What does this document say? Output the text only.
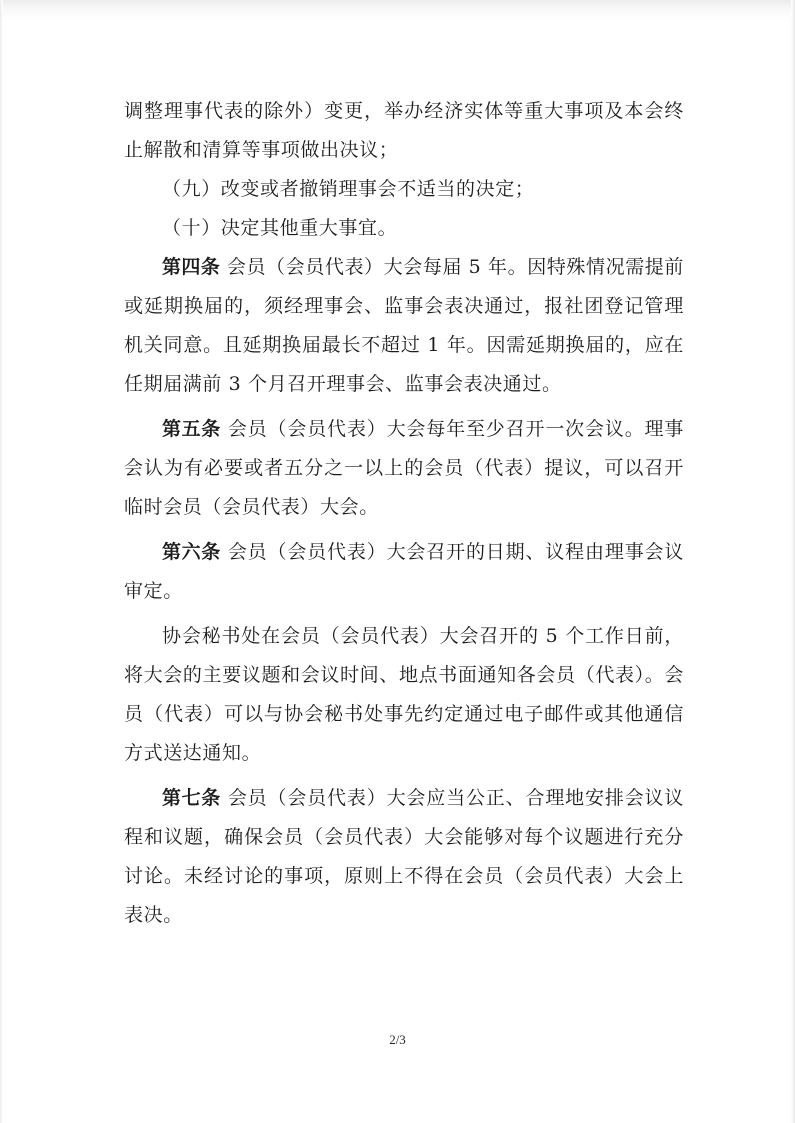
调整理事代表的除外）变更，举办经济实体等重大事项及本会终止解散和清算等事项做出决议；

（九）改变或者撤销理事会不适当的决定；

（十）决定其他重大事宜。

第四条 会员（会员代表）大会每届 5 年。因特殊情况需提前或延期换届的，须经理事会、监事会表决通过，报社团登记管理机关同意。且延期换届最长不超过 1 年。因需延期换届的，应在任期届满前 3 个月召开理事会、监事会表决通过。

第五条 会员（会员代表）大会每年至少召开一次会议。理事会认为有必要或者五分之一以上的会员（代表）提议，可以召开临时会员（会员代表）大会。

第六条 会员（会员代表）大会召开的日期、议程由理事会议审定。

协会秘书处在会员（会员代表）大会召开的 5 个工作日前，将大会的主要议题和会议时间、地点书面通知各会员（代表）。会员（代表）可以与协会秘书处事先约定通过电子邮件或其他通信方式送达通知。

第七条 会员（会员代表）大会应当公正、合理地安排会议议程和议题，确保会员（会员代表）大会能够对每个议题进行充分讨论。未经讨论的事项，原则上不得在会员（会员代表）大会上表决。

2/3
